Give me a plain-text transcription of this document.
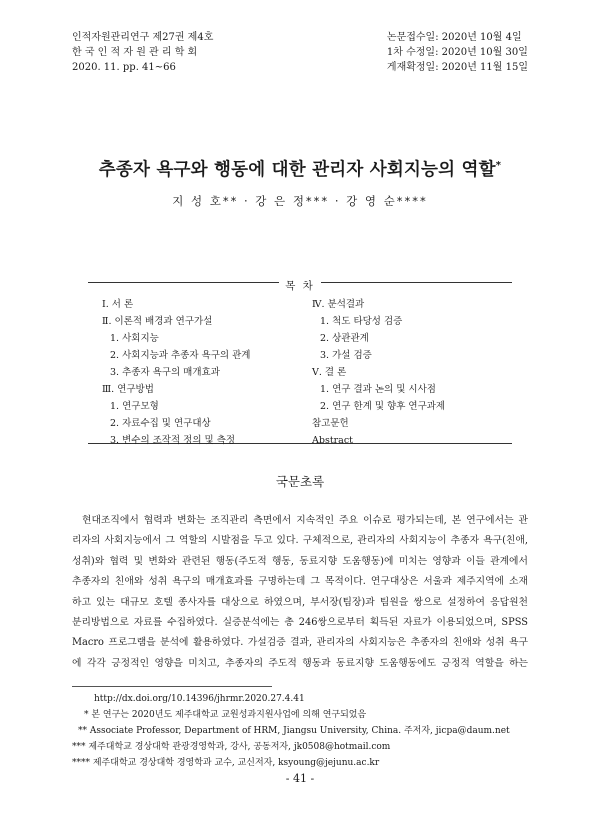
인적자원관리연구 제27권 제4호
한 국 인 적 자 원 관 리 학 회
2020. 11. pp. 41~66
논문접수일: 2020년 10월 4일
1차 수정일: 2020년 10월 30일
게재확정일: 2020년 11월 15일
추종자 욕구와 행동에 대한 관리자 사회지능의 역할*
지 성 호** · 강 은 정*** · 강 영 순****
목 차
Ⅰ. 서 론
Ⅱ. 이론적 배경과 연구가설
1. 사회지능
2. 사회지능과 추종자 욕구의 관계
3. 추종자 욕구의 매개효과
Ⅲ. 연구방법
1. 연구모형
2. 자료수집 및 연구대상
3. 변수의 조작적 정의 및 측정
Ⅳ. 분석결과
1. 척도 타당성 검증
2. 상관관계
3. 가설 검증
Ⅴ. 결 론
1. 연구 결과 논의 및 시사점
2. 연구 한계 및 향후 연구과제
참고문헌
Abstract
국문초록
현대조직에서 협력과 변화는 조직관리 측면에서 지속적인 주요 이슈로 평가되는데, 본 연구에서는 관
리자의 사회지능에서 그 역할의 시발점을 두고 있다. 구체적으로, 관리자의 사회지능이 추종자 욕구(친애,
성취)와 협력 및 변화와 관련된 행동(주도적 행동, 동료지향 도움행동)에 미치는 영향과 이들 관계에서
추종자의 친애와 성취 욕구의 매개효과를 구명하는데 그 목적이다. 연구대상은 서울과 제주지역에 소재
하고 있는 대규모 호텔 종사자를 대상으로 하였으며, 부서장(팀장)과 팀원을 쌍으로 설정하여 응답원천
분리방법으로 자료를 수집하였다. 실증분석에는 총 246쌍으로부터 획득된 자료가 이용되었으며, SPSS
Macro 프로그램을 분석에 활용하였다. 가설검증 결과, 관리자의 사회지능은 추종자의 친애와 성취 욕구
에 각각 긍정적인 영향을 미치고, 추종자의 주도적 행동과 동료지향 도움행동에도 긍정적 역할을 하는
http://dx.doi.org/10.14396/jhrmr.2020.27.4.41
* 본 연구는 2020년도 제주대학교 교원성과지원사업에 의해 연구되었음
** Associate Professor, Department of HRM, Jiangsu University, China. 주저자, jicpa@daum.net
*** 제주대학교 경상대학 관광경영학과, 강사, 공동저자, jk0508@hotmail.com
**** 제주대학교 경상대학 경영학과 교수, 교신저자, ksyoung@jejunu.ac.kr
- 41 -
